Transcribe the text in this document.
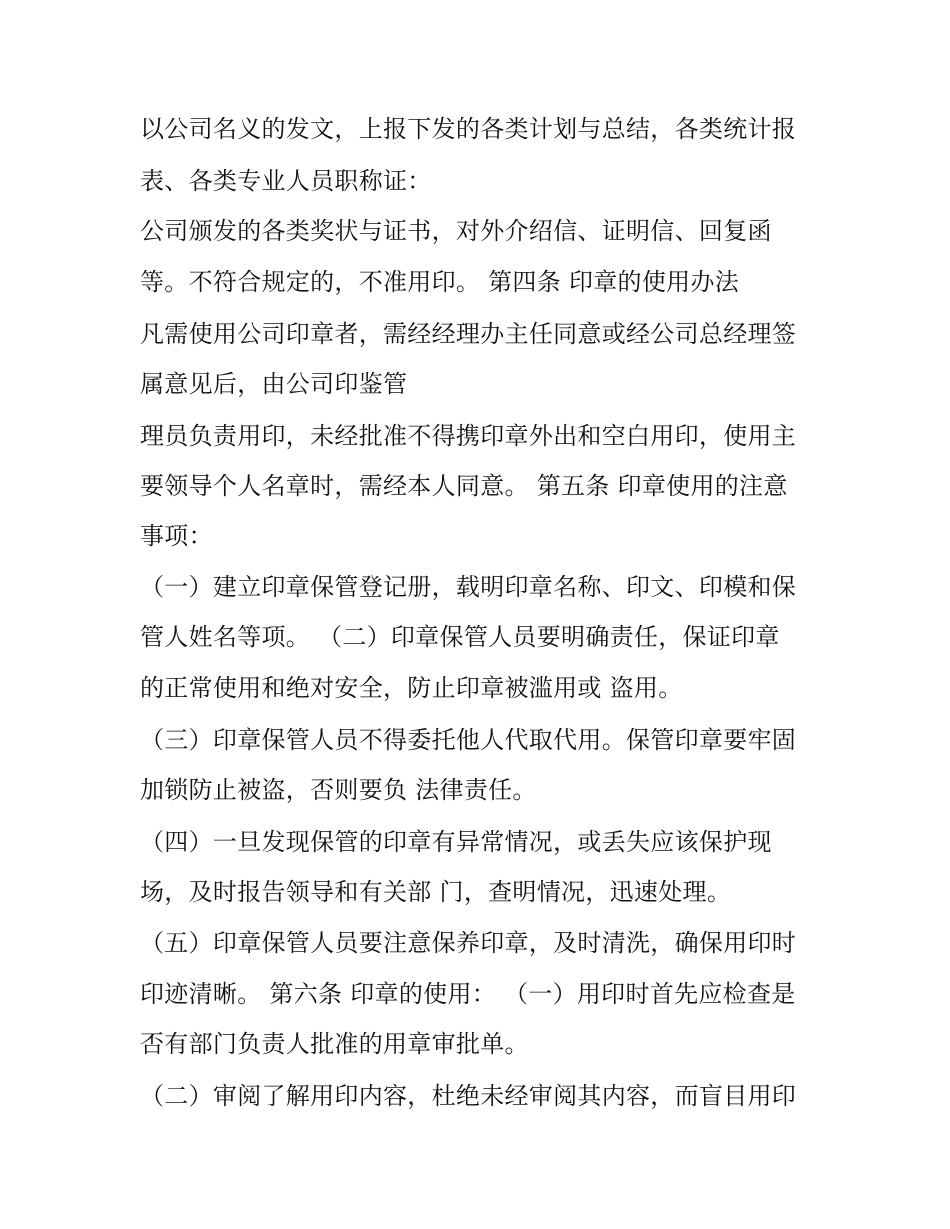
以公司名义的发文，上报下发的各类计划与总结，各类统计报
表、各类专业人员职称证：
公司颁发的各类奖状与证书，对外介绍信、证明信、回复函
等。不符合规定的，不准用印。 第四条 印章的使用办法
凡需使用公司印章者，需经经理办主任同意或经公司总经理签
属意见后，由公司印鉴管
理员负责用印，未经批准不得携印章外出和空白用印，使用主
要领导个人名章时，需经本人同意。 第五条 印章使用的注意
事项：
（一）建立印章保管登记册，载明印章名称、印文、印模和保
管人姓名等项。 （二）印章保管人员要明确责任，保证印章
的正常使用和绝对安全，防止印章被滥用或 盗用。
（三）印章保管人员不得委托他人代取代用。保管印章要牢固
加锁防止被盗，否则要负 法律责任。
（四）一旦发现保管的印章有异常情况，或丢失应该保护现
场，及时报告领导和有关部 门，查明情况，迅速处理。
（五）印章保管人员要注意保养印章，及时清洗，确保用印时
印迹清晰。 第六条 印章的使用： （一）用印时首先应检查是
否有部门负责人批准的用章审批单。
（二）审阅了解用印内容，杜绝未经审阅其内容，而盲目用印
